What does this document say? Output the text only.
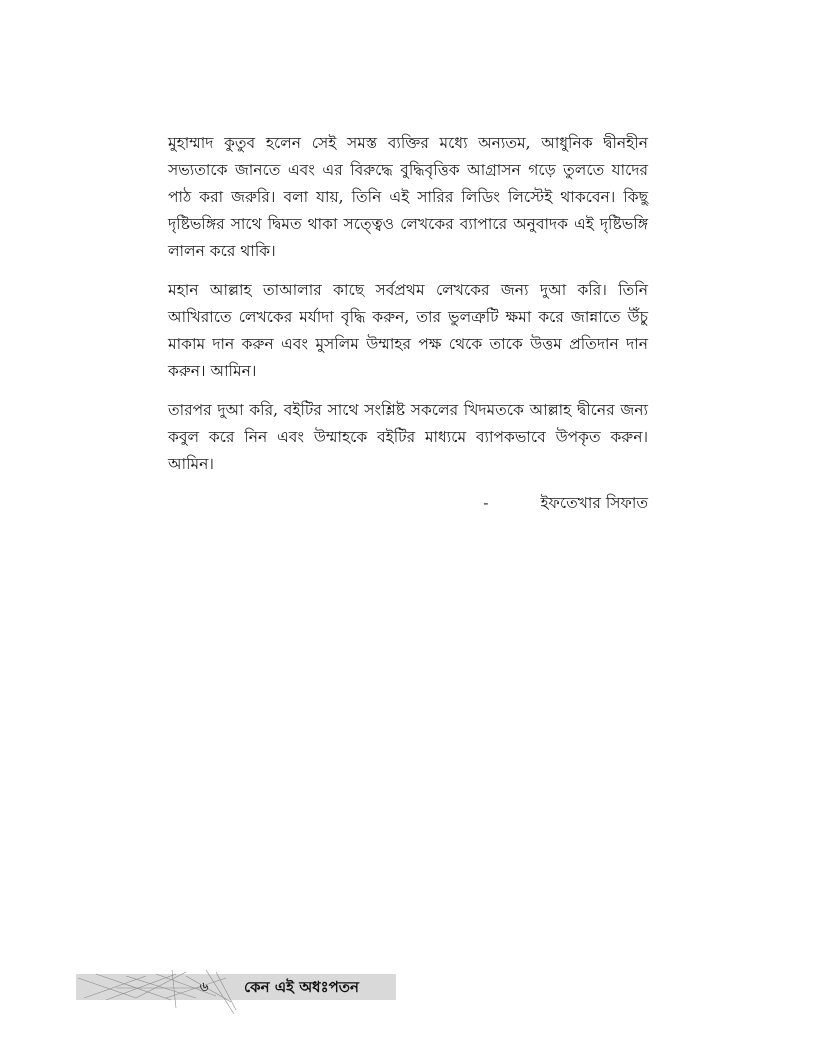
মুহাম্মাদ কুতুব হলেন সেই সমস্ত ব্যক্তির মধ্যে অন্যতম, আধুনিক দ্বীনহীন সভ্যতাকে জানতে এবং এর বিরুদ্ধে বুদ্ধিবৃত্তিক আগ্রাসন গড়ে তুলতে যাদের পাঠ করা জরুরি। বলা যায়, তিনি এই সারির লিডিং লিস্টেই থাকবেন। কিছু দৃষ্টিভঙ্গির সাথে দ্বিমত থাকা সত্ত্বেও লেখকের ব্যাপারে অনুবাদক এই দৃষ্টিভঙ্গি লালন করে থাকি।

মহান আল্লাহ তাআলার কাছে সর্বপ্রথম লেখকের জন্য দুআ করি। তিনি আখিরাতে লেখকের মর্যাদা বৃদ্ধি করুন, তার ভুলত্রুটি ক্ষমা করে জান্নাতে উঁচু মাকাম দান করুন এবং মুসলিম উম্মাহর পক্ষ থেকে তাকে উত্তম প্রতিদান দান করুন। আমিন।

তারপর দুআ করি, বইটির সাথে সংশ্লিষ্ট সকলের খিদমতকে আল্লাহ দ্বীনের জন্য কবুল করে নিন এবং উম্মাহকে বইটির মাধ্যমে ব্যাপকভাবে উপকৃত করুন। আমিন।

-	ইফতেখার সিফাত
৬	কেন এই অধঃপতন
